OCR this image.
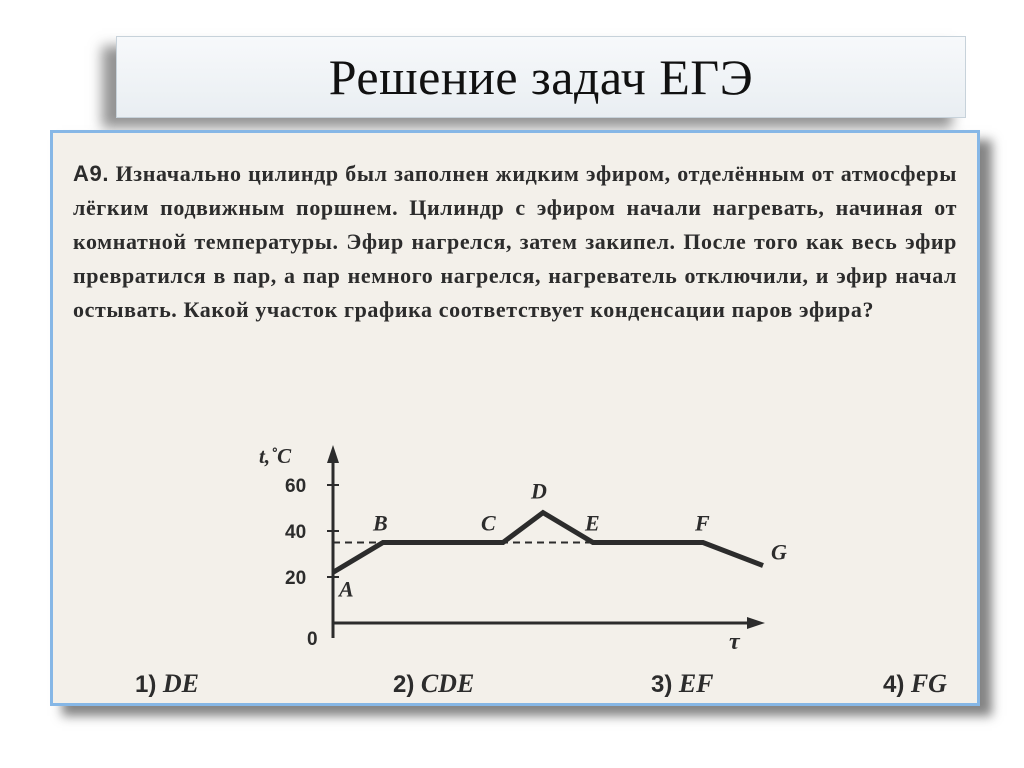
Решение задач ЕГЭ
А9. Изначально цилиндр был заполнен жидким эфиром, отделённым от атмосферы лёгким подвижным поршнем. Цилиндр с эфиром начали нагревать, начиная от комнатной температуры. Эфир нагрелся, затем закипел. После того как весь эфир превратился в пар, а пар немного нагрелся, нагреватель отключили, и эфир начал остывать. Какой участок графика соответствует конденсации паров эфира?
0
20
40
60
t,˚C
τ
A
B	C
D
E	F
G
1) DE	2) CDE	3) EF	4) FG
